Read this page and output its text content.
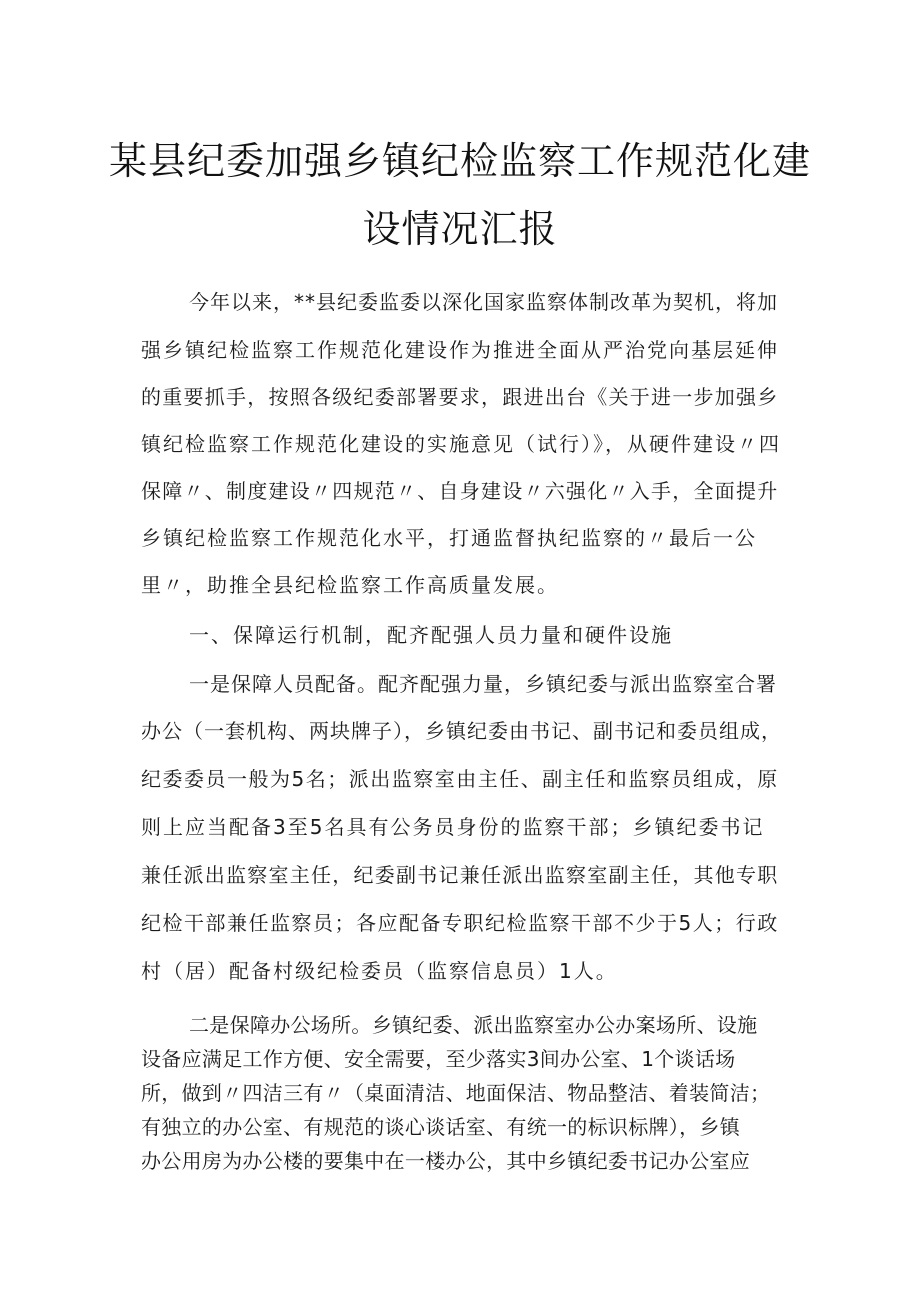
某县纪委加强乡镇纪检监察工作规范化建
设情况汇报
今年以来，**县纪委监委以深化国家监察体制改革为契机，将加
强乡镇纪检监察工作规范化建设作为推进全面从严治党向基层延伸
的重要抓手，按照各级纪委部署要求，跟进出台《关于进一步加强乡
镇纪检监察工作规范化建设的实施意见（试行）》，从硬件建设〃四
保障〃、制度建设〃四规范〃、自身建设〃六强化〃入手，全面提升
乡镇纪检监察工作规范化水平，打通监督执纪监察的〃最后一公
里〃，助推全县纪检监察工作高质量发展。
一、保障运行机制，配齐配强人员力量和硬件设施
一是保障人员配备。配齐配强力量，乡镇纪委与派出监察室合署
办公（一套机构、两块牌子），乡镇纪委由书记、副书记和委员组成，
纪委委员一般为5名；派出监察室由主任、副主任和监察员组成，原
则上应当配备3至5名具有公务员身份的监察干部；乡镇纪委书记
兼任派出监察室主任，纪委副书记兼任派出监察室副主任，其他专职
纪检干部兼任监察员；各应配备专职纪检监察干部不少于5人；行政
村（居）配备村级纪检委员（监察信息员）1人。
二是保障办公场所。乡镇纪委、派出监察室办公办案场所、设施
设备应满足工作方便、安全需要，至少落实3间办公室、1个谈话场
所，做到〃四洁三有〃（桌面清洁、地面保洁、物品整洁、着装简洁；
有独立的办公室、有规范的谈心谈话室、有统一的标识标牌），乡镇
办公用房为办公楼的要集中在一楼办公，其中乡镇纪委书记办公室应
